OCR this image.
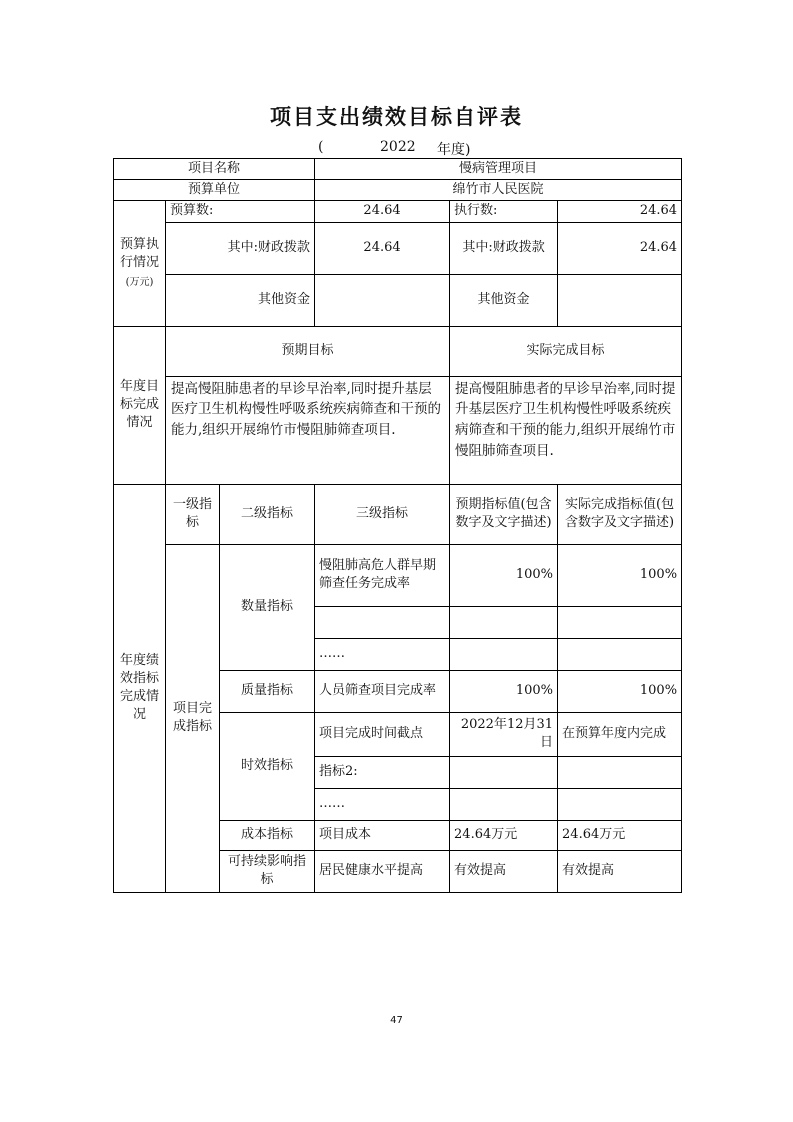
项目支出绩效目标自评表
(	2022 年度)
项目名称			慢病管理项目		
预算单位			绵竹市人民医院		
预算执行情况
(万元)	预算数:		24.64	执行数:	24.64
	其中:财政拨款		24.64	其中:财政拨款	24.64
	其他资金			其他资金	
年度目标完成情况	预期目标			实际完成目标	
	提高慢阻肺患者的早诊早治率,同时提升基层医疗卫生机构慢性呼吸系统疾病筛查和干预的能力,组织开展绵竹市慢阻肺筛查项目.			提高慢阻肺患者的早诊早治率,同时提升基层医疗卫生机构慢性呼吸系统疾病筛查和干预的能力,组织开展绵竹市慢阻肺筛查项目.	
年度绩效指标完成情况	一级指标	二级指标	三级指标	预期指标值(包含数字及文字描述)	实际完成指标值(包含数字及文字描述)
	项目完成指标	数量指标	慢阻肺高危人群早期筛查任务完成率	100%	100%

			……		
		质量指标	人员筛查项目完成率	100%	100%
		时效指标	项目完成时间截点	2022年12月31日	在预算年度内完成
			指标2:		
			……		
		成本指标	项目成本	24.64万元	24.64万元
		可持续影响指标	居民健康水平提高	有效提高	有效提高
47
